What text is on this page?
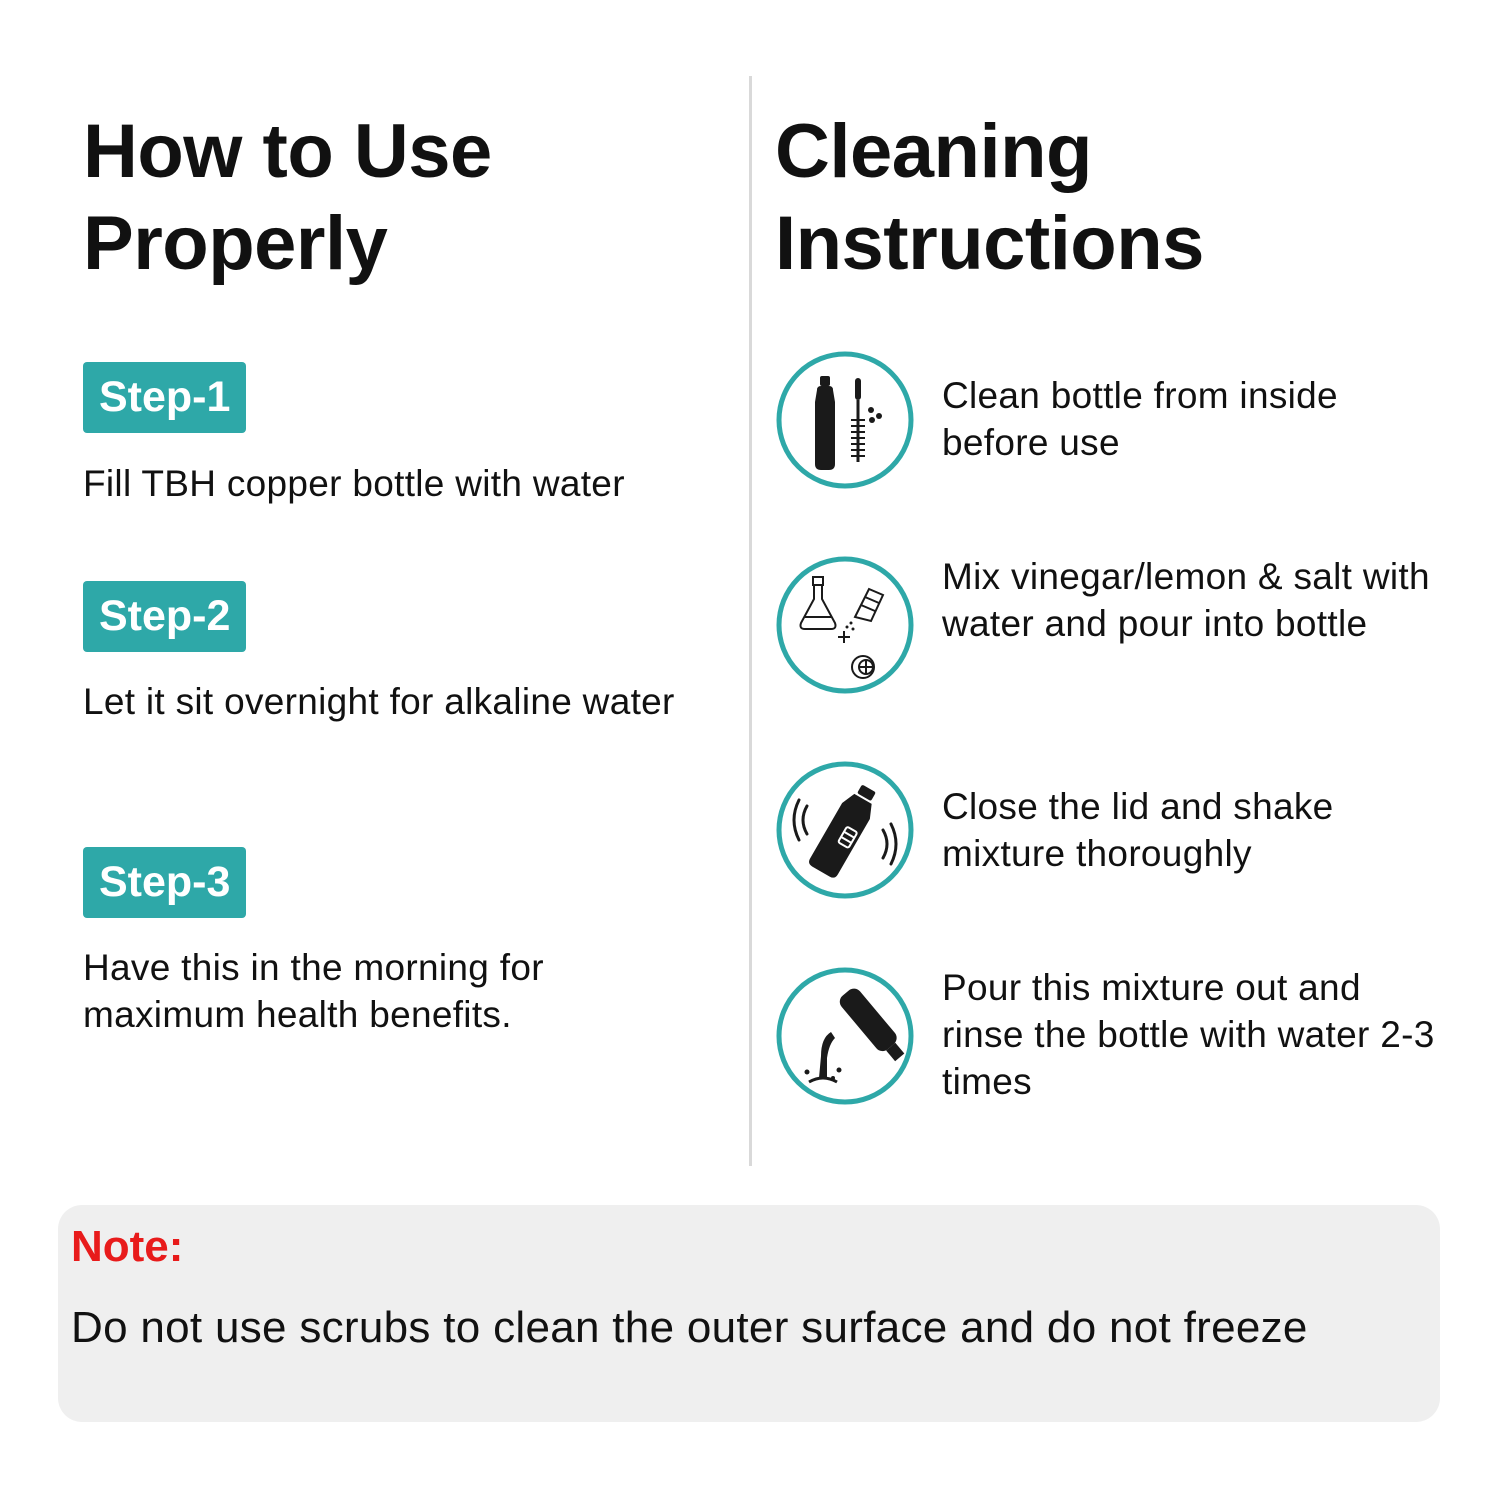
How to Use
Properly
Step-1
Fill TBH copper bottle with water
Step-2
Let it sit overnight for alkaline water
Step-3
Have this in the morning for maximum health benefits.
Cleaning
Instructions
Clean bottle from inside before use
Mix vinegar/lemon & salt with water and pour into bottle
Close the lid and shake mixture thoroughly
Pour this mixture out and rinse the bottle with water 2-3 times
Note:
Do not use scrubs to clean the outer surface and do not freeze
